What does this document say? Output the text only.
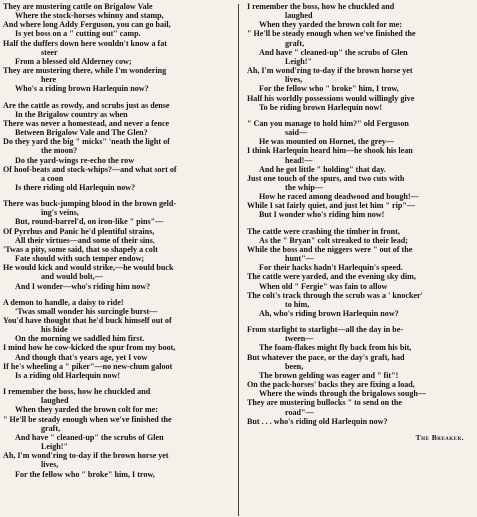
They are mustering cattle on Brigalow Vale
Where the stock-horses whinny and stamp,
And where long Addy Ferguson, you can go bail,
Is yet boss on a " cutting out" camp.
Half the duffers down here wouldn't know a fat
steer
From a blessed old Alderney cow;
They are mustering there, while I'm wondering
here
Who's a riding brown Harlequin now?
Are the cattle as rowdy, and scrubs just as dense
In the Brigalow country as when
There was never a homestead, and never a fence
Between Brigalow Vale and The Glen?
Do they yard the big " micks" 'neath the light of
the moon?
Do the yard-wings re-echo the row
Of hoof-beats and stock-whips?—and what sort of
a coon
Is there riding old Harlequin now?
There was buck-jumping blood in the brown geld-
ing's veins,
But, round-barrel'd, on iron-like " pins"—
Of Pyrrhus and Panic he'd plentiful strains,
All their virtues—and some of their sins.
'Twas a pity, some said, that so shapely a colt
Fate should with such temper endow;
He would kick and would strike,—he would buck
and would bolt,—
And I wonder—who's riding him now?
A demon to handle, a daisy to ride!
'Twas small wonder his surcingle burst—
You'd have thought that he'd buck himself out of
his hide
On the morning we saddled him first.
I mind how he cow-kicked the spur from my boot,
And though that's years age, yet I vow
If he's wheeling a " piker"—no new-chum galoot
Is a riding old Harlequin now!
I remember the boss, how he chuckled and
laughed
When they yarded the brown colt for me:
" He'll be steady enough when we've finished the
graft,
And have " cleaned-up" the scrubs of Glen
Leigh!"
Ah, I'm wond'ring to-day if the brown horse yet
lives,
For the fellow who " broke" him, I trow,
I remember the boss, how he chuckled and
laughed
When they yarded the brown colt for me:
" He'll be steady enough when we've finished the
graft,
And have " cleaned-up" the scrubs of Glen
Leigh!"
Ah, I'm wond'ring to-day if the brown horse yet
lives,
For the fellow who " broke" him, I trow,
Half his worldly possessions would willingly give
To be riding brown Harlequin now!
" Can you manage to hold him?" old Ferguson
said—
He was mounted on Hornet, the grey—
I think Harlequin heard him—he shook his lean
head!—
And he got little " holding" that day.
Just one touch of the spurs, and two cuts with
the whip—
How he raced among deadwood and bough!—
While I sat fairly quiet, and just let him " rip"—
But I wonder who's riding him now!
The cattle were crashing the timber in front,
As the " Bryan" colt streaked to their lead;
While the boss and the niggers were " out of the
hunt"—
For their hacks hadn't Harlequin's speed.
The cattle were yarded, and the evening sky dim,
When old " Fergie" was fain to allow
The colt's track through the scrub was a ' knocker'
to him,
Ah, who's riding brown Harlequin now?
From starlight to starlight—all the day in be-
tween—
The foam-flakes might fly back from his bit,
But whatever the pace, or the day's graft, had
been,
The brown gelding was eager and " fit"!
On the pack-horses' backs they are fixing a load,
Where the winds through the brigalows sough—
They are mustering bullocks " to send on the
road"—
But . . . who's riding old Harlequin now?
The Breaker.
